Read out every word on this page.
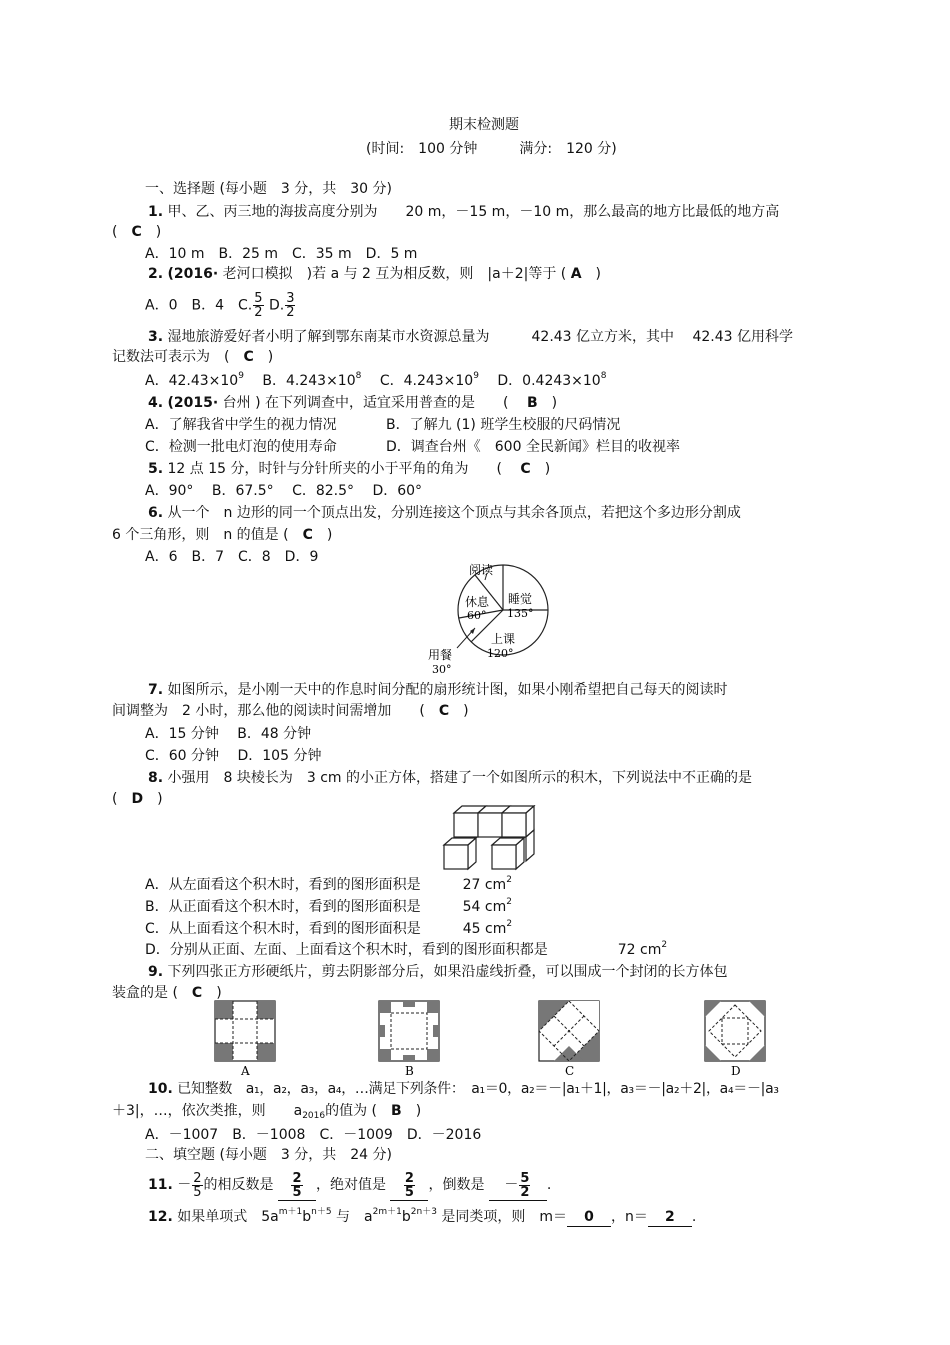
期末检测题
(时间:　100 分钟　　　满分:　120 分)
一、选择题 (每小题　3 分，共　30 分)
1. 甲、乙、丙三地的海拔高度分别为　　20 m，－15 m，－10 m，那么最高的地方比最低的地方高
(　C　)
A．10 m　B．25 m　C．35 m　D．5 m
2. (2016· 老河口模拟　)若 a 与 2 互为相反数，则　|a＋2|等于 ( A　)
A．0　B．4　C. $\frac{5}{2} D$. $\frac{3}{2}$
3. 湿地旅游爱好者小明了解到鄂东南某市水资源总量为　　　42.43 亿立方米，其中　 42.43 亿用科学
记数法可表示为　(　 C　)
A．$42.43\times 10^9$　 B．$4.243\times 10^8$　 C．$4.243\times 10^9$　 D．$0.4243\times 10^8$
4. (2015· 台州 ) 在下列调查中，适宜采用普查的是　　(　 B　)
A．了解我省中学生的视力情况	B．了解九 (1) 班学生校服的尺码情况
C．检测一批电灯泡的使用寿命	D．调查台州《　600 全民新闻》栏目的收视率
5. 12 点 15 分，时针与分针所夹的小于平角的角为　　(　 C　)
A．90°　 B．67.5°　 C．82.5°　 D．60°
6. 从一个　n 边形的同一个顶点出发，分别连接这个顶点与其余各顶点，若把这个多边形分割成
6 个三角形，则　n 的值是 (　 C　)
A．6　B．7　C．8　D．9
阅读
休息
60°
睡觉
135°
上课
120°
用餐
30°
7. 如图所示，是小刚一天中的作息时间分配的扇形统计图，如果小刚希望把自己每天的阅读时
间调整为　2 小时，那么他的阅读时间需增加　　(　 C　)
A．15 分钟　 B．48 分钟
C．60 分钟　 D．105 分钟
8. 小强用　8 块棱长为　3 cm 的小正方体，搭建了一个如图所示的积木，下列说法中不正确的是
(　D　)
A．从左面看这个积木时，看到的图形面积是　　　27 $cm^2$
B．从正面看这个积木时，看到的图形面积是　　　54 $cm^2$
C．从上面看这个积木时，看到的图形面积是　　　45 $cm^2$
D．分别从正面、左面、上面看这个积木时，看到的图形面积都是　　　　　72 $cm^2$
9. 下列四张正方形硬纸片，剪去阴影部分后，如果沿虚线折叠，可以围成一个封闭的长方体包
装盒的是 (　 C　)
A	B	C	D
10. 已知整数　a₁，a₂，a₃，a₄，…满足下列条件：　a₁＝0，a₂＝－|a₁＋1|，a₃＝－|a₂＋2|，a₄＝－|a₃
＋3|，…，依次类推，则　　$a_{2016}$的值为 (　 B　)
A．－1007　B．－1008　C．－1009　D．－2016
二、填空题 (每小题　3 分，共　24 分)
11. － $\frac{2}{5}$ 的相反数是 $\frac{2}{5}$ ，绝对值是 $\frac{2}{5}$ ，倒数是 － $\frac{5}{2}$ .
12. 如果单项式　$5a^{m+1}b^{n+5}$ 与　$a^{2m+1}b^{2n+3}$ 是同类项，则　m＝ 0 ，n＝ 2 .
